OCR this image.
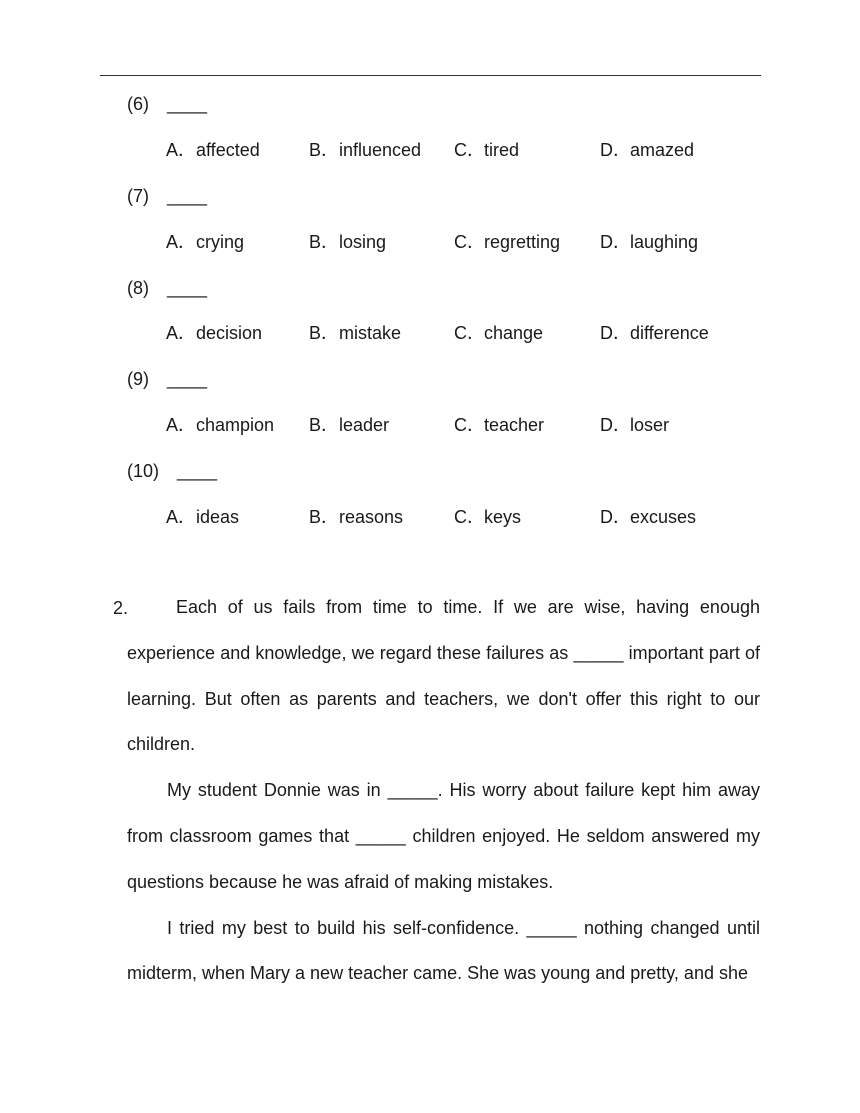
(6) ____
A．affected	B．influenced C．tired	D．amazed
(7) ____
A．crying	B．losing	C．regretting D．laughing
(8) ____
A．decision	B．mistake	C．change	D．difference
(9) ____
A．champion B．leader	C．teacher	D．loser
(10) ____
A．ideas	B．reasons	C．keys	D．excuses
2.	Each of us fails from time to time. If we are wise, having enough experience and knowledge, we regard these failures as _____ important part of learning. But often as parents and teachers, we don't offer this right to our children.

My student Donnie was in _____. His worry about failure kept him away from classroom games that _____ children enjoyed. He seldom answered my questions because he was afraid of making mistakes.

I tried my best to build his self-confidence. _____ nothing changed until midterm, when Mary a new teacher came. She was young and pretty, and she
